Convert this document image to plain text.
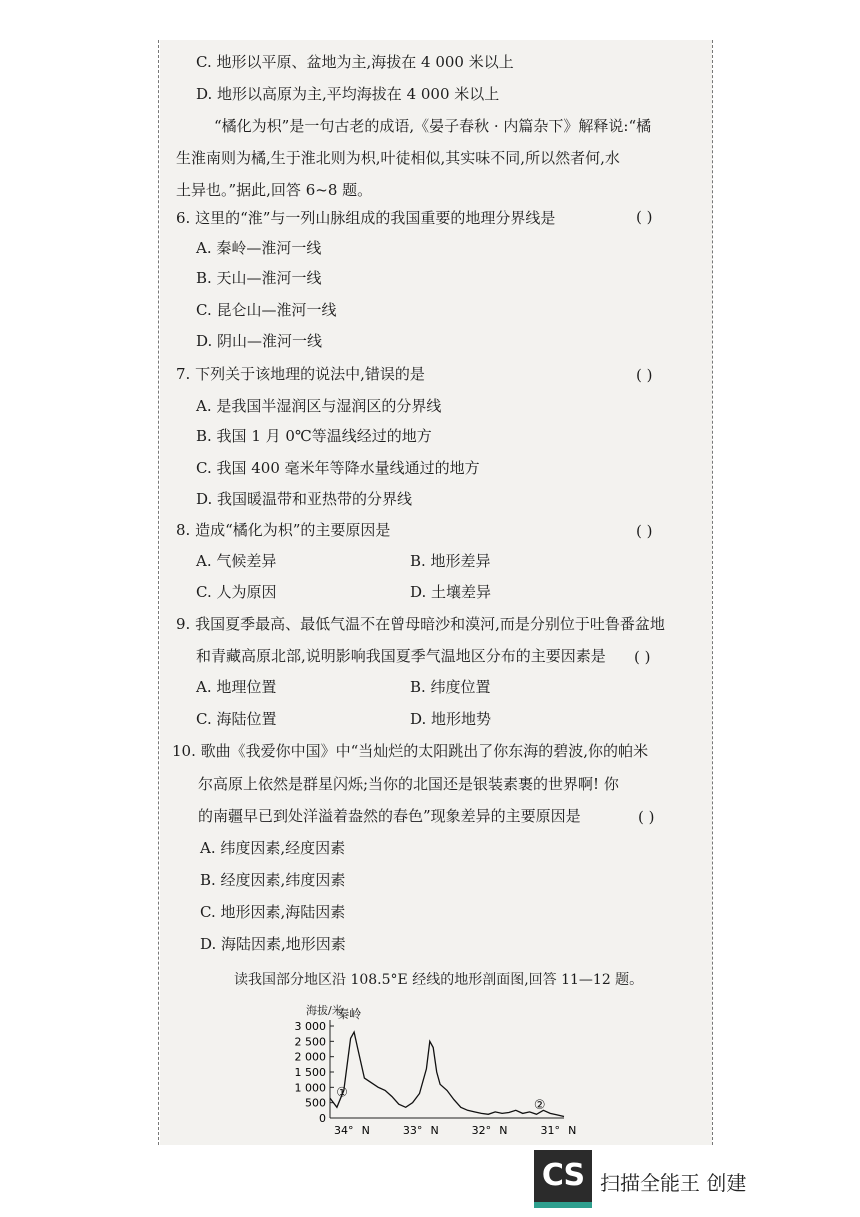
C. 地形以平原、盆地为主,海拔在 4 000 米以上
D. 地形以高原为主,平均海拔在 4 000 米以上
“橘化为枳”是一句古老的成语,《晏子春秋 · 内篇杂下》解释说:“橘
生淮南则为橘,生于淮北则为枳,叶徒相似,其实味不同,所以然者何,水
土异也。”据此,回答 6~8 题。
6. 这里的“淮”与一列山脉组成的我国重要的地理分界线是	( )
A. 秦岭—淮河一线
B. 天山—淮河一线
C. 昆仑山—淮河一线
D. 阴山—淮河一线
7. 下列关于该地理的说法中,错误的是	( )
A. 是我国半湿润区与湿润区的分界线
B. 我国 1 月 0℃等温线经过的地方
C. 我国 400 毫米年等降水量线通过的地方
D. 我国暖温带和亚热带的分界线
8. 造成“橘化为枳”的主要原因是	( )
A. 气候差异	B. 地形差异
C. 人为原因	D. 土壤差异
9. 我国夏季最高、最低气温不在曾母暗沙和漠河,而是分别位于吐鲁番盆地
和青藏高原北部,说明影响我国夏季气温地区分布的主要因素是 ( )
A. 地理位置	B. 纬度位置
C. 海陆位置	D. 地形地势
10. 歌曲《我爱你中国》中“当灿烂的太阳跳出了你东海的碧波,你的帕米
尔高原上依然是群星闪烁;当你的北国还是银装素裹的世界啊! 你
的南疆早已到处洋溢着盎然的春色”现象差异的主要原因是	( )
A. 纬度因素,经度因素
B. 经度因素,纬度因素
C. 地形因素,海陆因素
D. 海陆因素,地形因素
读我国部分地区沿 108.5°E 经线的地形剖面图,回答 11—12 题。
海拔/米
3 000
2 500
2 000
1 500
1 000
500
0
34° N	33° N	32° N	31° N
秦岭
①
②
CS 扫描全能王 创建
